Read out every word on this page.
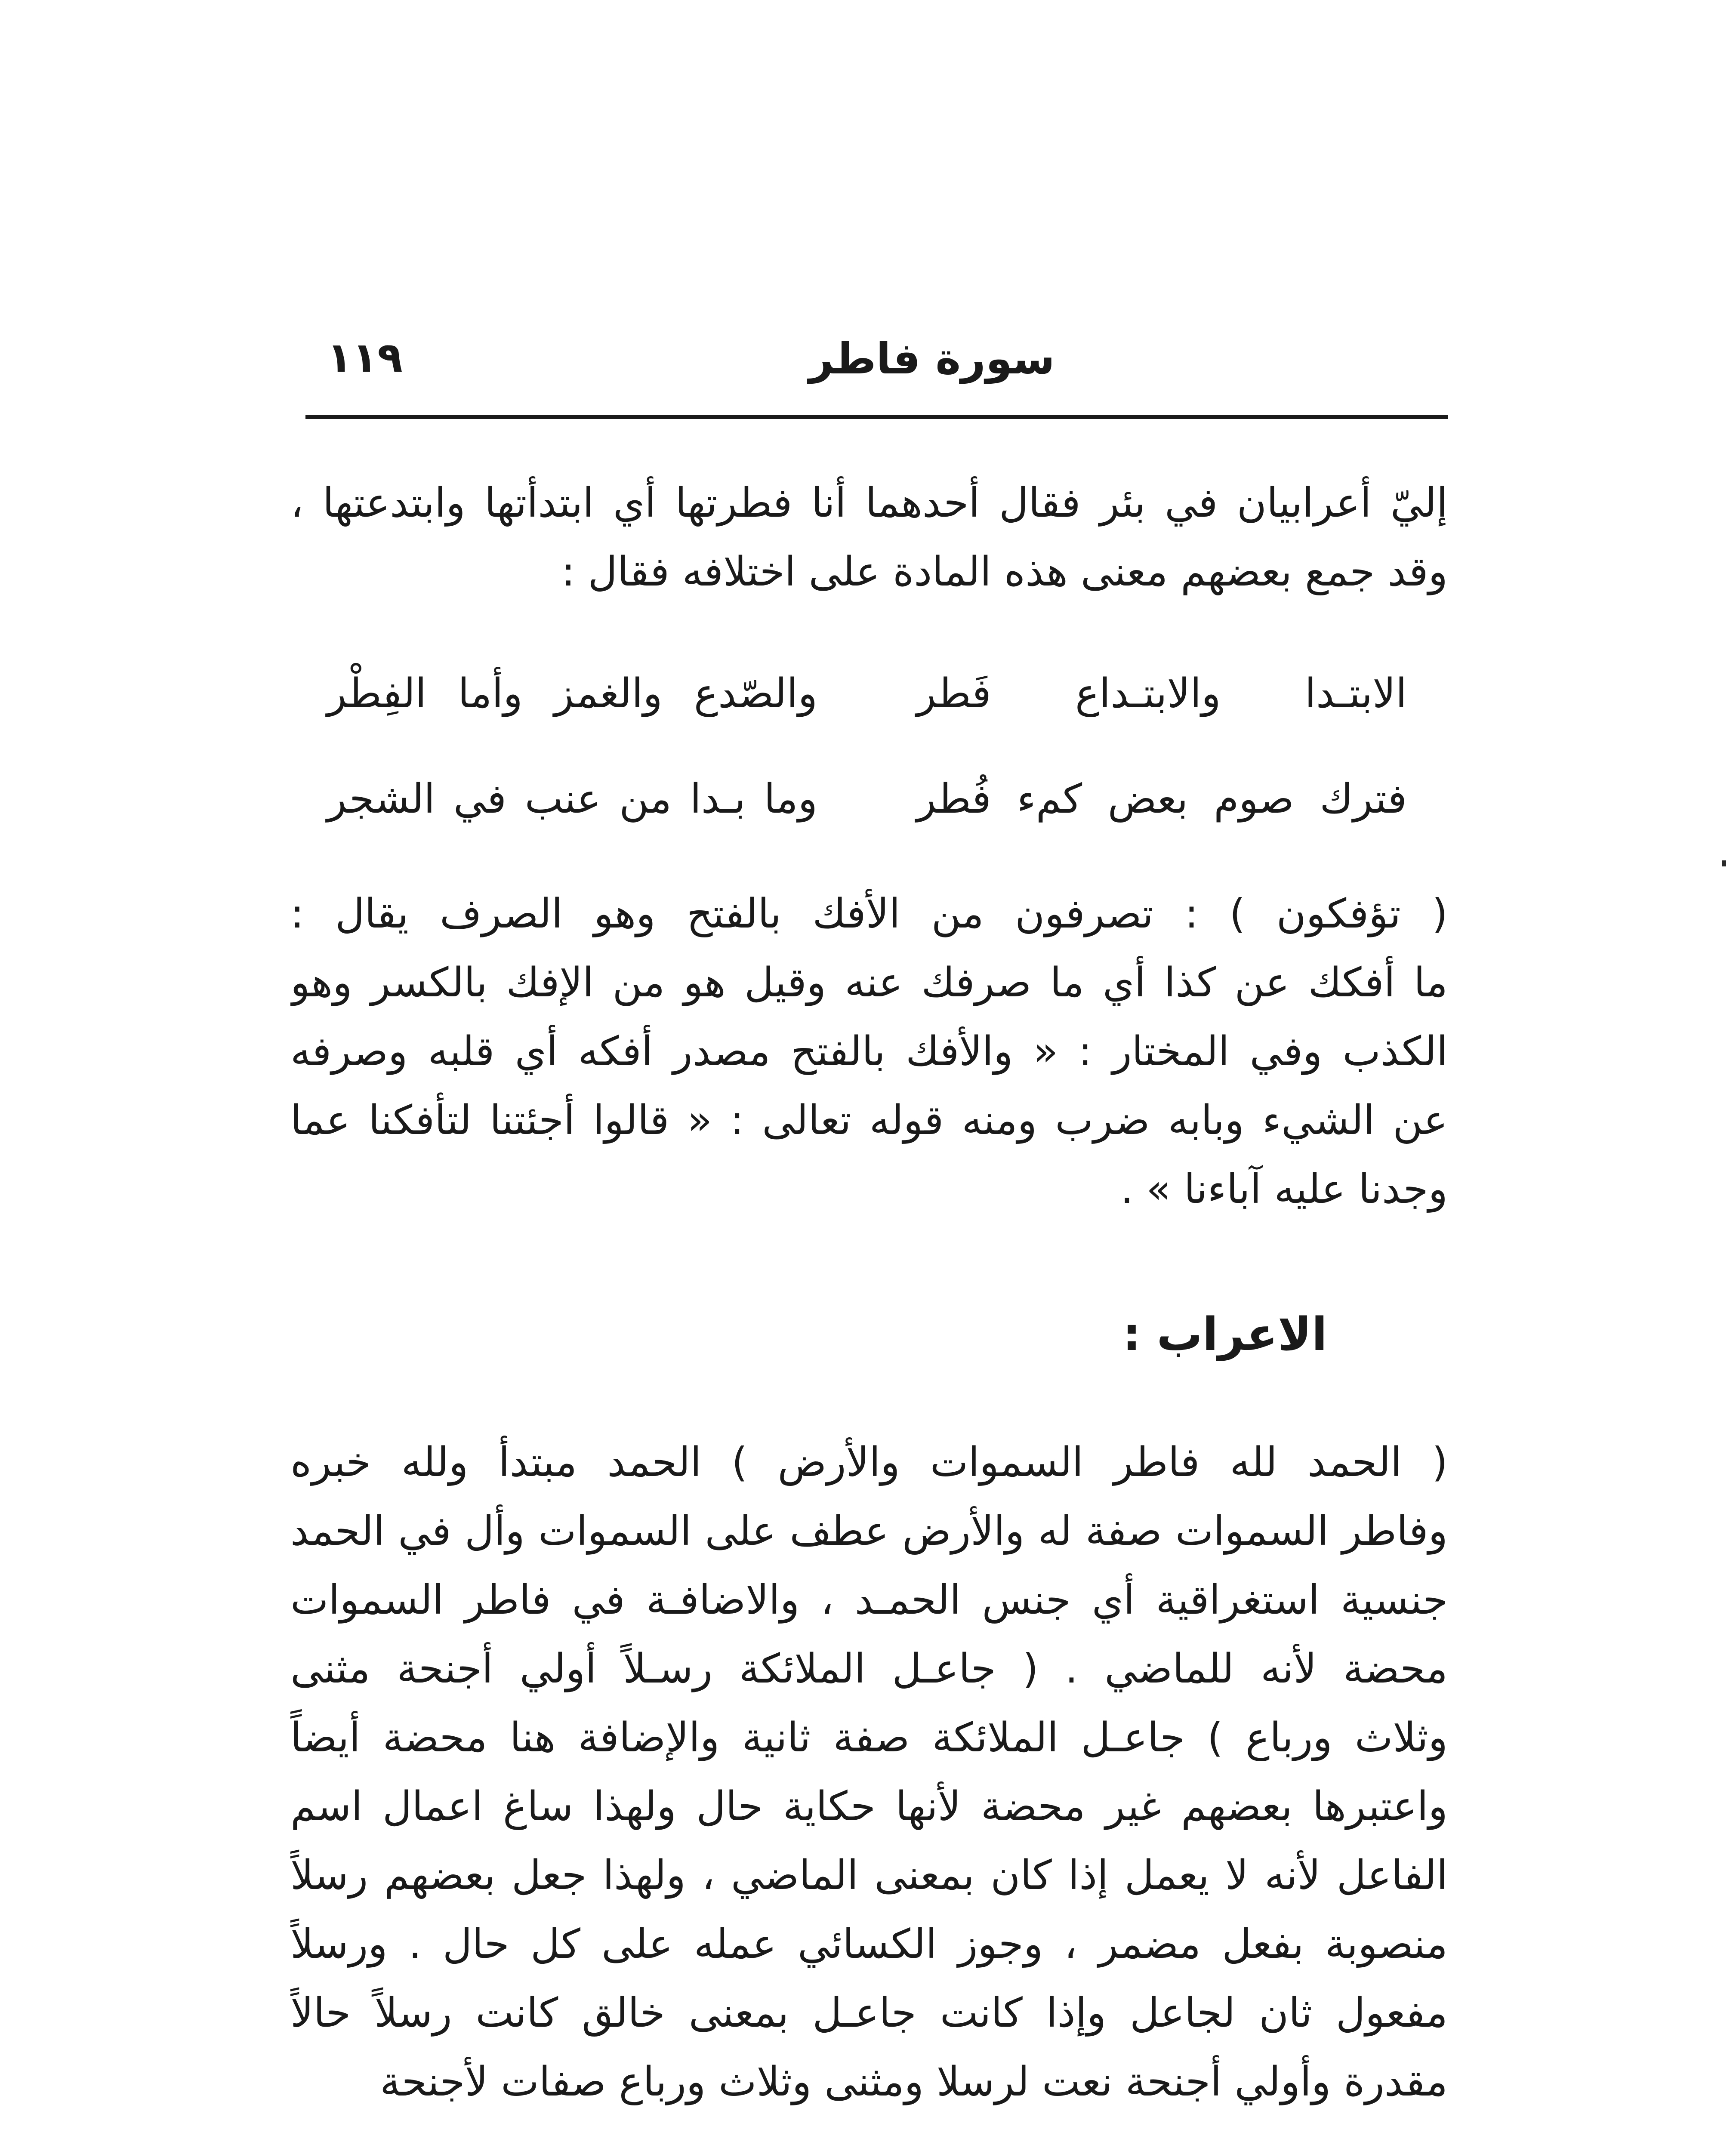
١١٩	سورة فاطر
إليّ أعرابيان في بئر فقال أحدهما أنا فطرتها أي ابتدأتها وابتدعتها ،
وقد جمع بعضهم معنى هذه المادة على اختلافه فقال :
الابتـدا والابتـداع فَطر
والصّدع والغمز وأما الفِطْر
فترك صوم بعض كمء فُطر
وما بـدا من عنب في الشجر
( تؤفكون ) : تصرفون من الأفك بالفتح وهو الصرف يقال :
ما أفكك عن كذا أي ما صرفك عنه وقيل هو من الإفك بالكسر وهو
الكذب وفي المختار : « والأفك بالفتح مصدر أفكه أي قلبه وصرفه
عن الشيء وبابه ضرب ومنه قوله تعالى : « قالوا أجئتنا لتأفكنا عما
وجدنا عليه آباءنا » .
الاعراب :
( الحمد لله فاطر السموات والأرض ) الحمد مبتدأ ولله خبره
وفاطر السموات صفة له والأرض عطف على السموات وأل في الحمد
جنسية استغراقية أي جنس الحمـد ، والاضافـة في فاطر السموات
محضة لأنه للماضي . ( جاعـل الملائكة رسـلاً أولي أجنحة مثنى
وثلاث ورباع ) جاعـل الملائكة صفة ثانية والإضافة هنا محضة أيضاً
واعتبرها بعضهم غير محضة لأنها حكاية حال ولهذا ساغ اعمال اسم
الفاعل لأنه لا يعمل إذا كان بمعنى الماضي ، ولهذا جعل بعضهم رسلاً
منصوبة بفعل مضمر ، وجوز الكسائي عمله على كل حال . ورسلاً
مفعول ثان لجاعل وإذا كانت جاعـل بمعنى خالق كانت رسلاً حالاً
مقدرة وأولي أجنحة نعت لرسلا ومثنى وثلاث ورباع صفات لأجنحة
